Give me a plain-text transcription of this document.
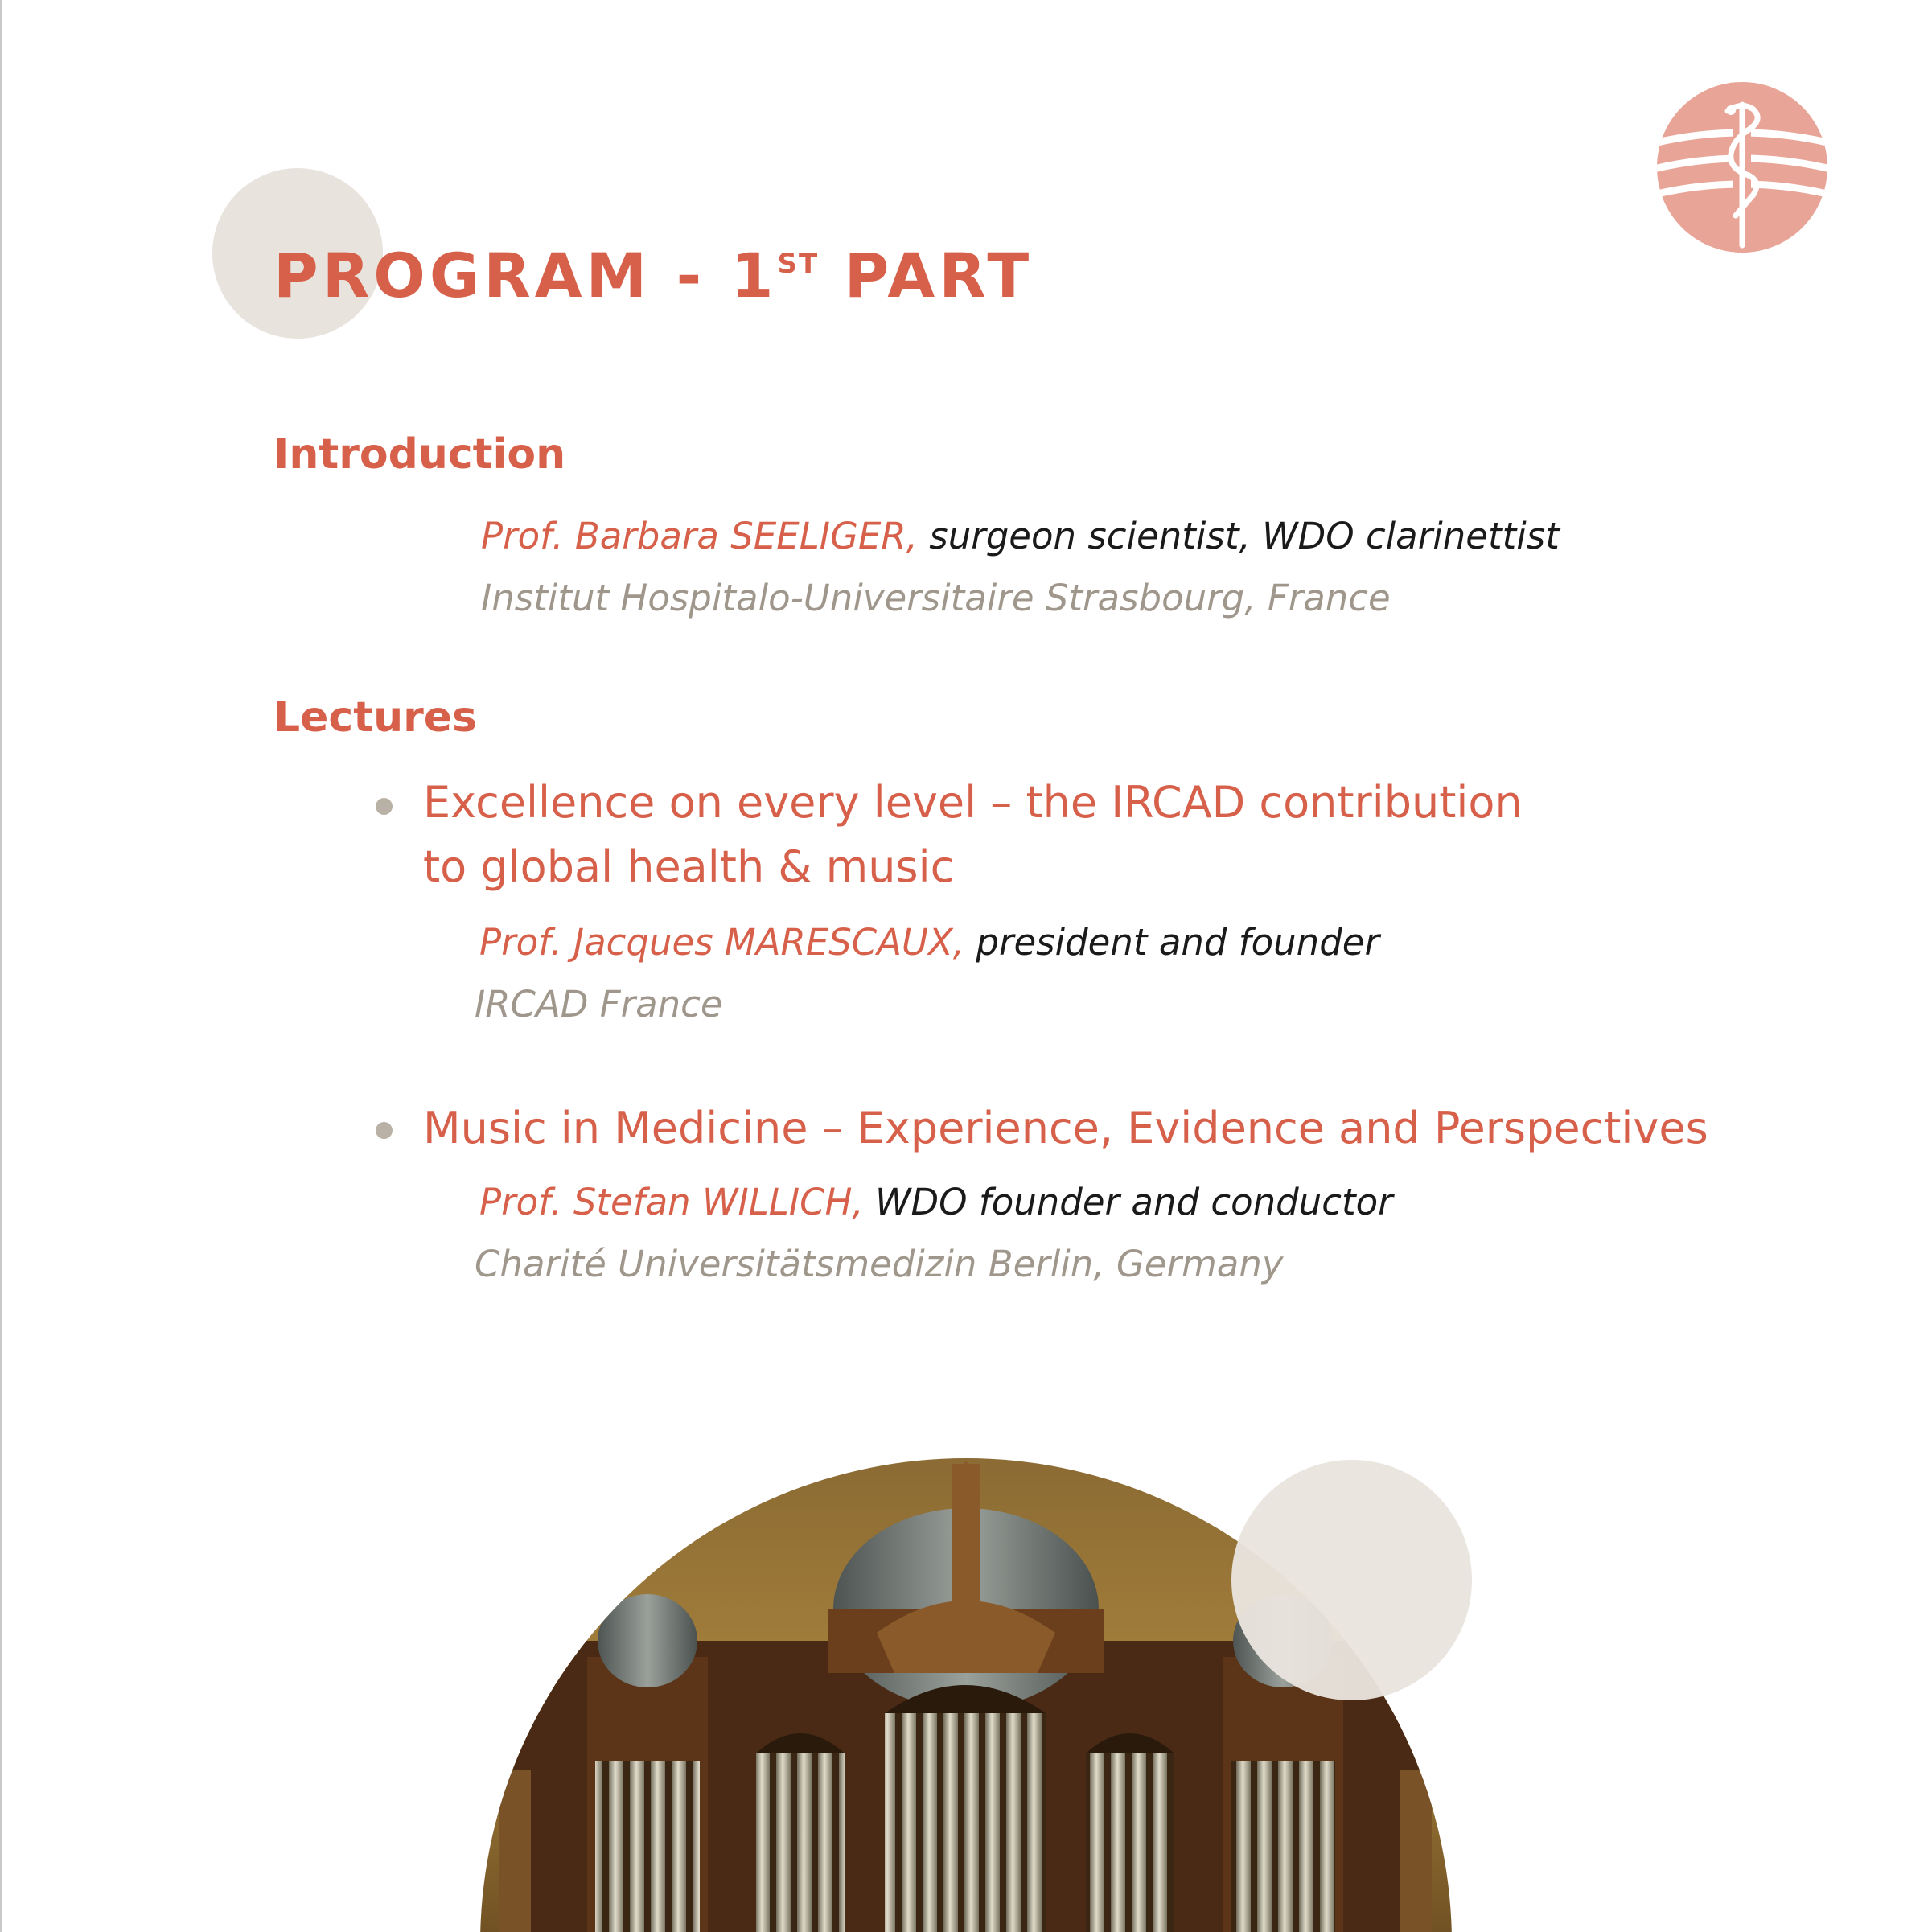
PROGRAM - 1ST PART
Introduction

Prof. Barbara SEELIGER, surgeon scientist, WDO clarinettist

Institut Hospitalo-Universitaire Strasbourg, France

Lectures

Excellence on every level – the IRCAD contribution
to global health & music

Prof. Jacques MARESCAUX, president and founder

IRCAD France

Music in Medicine – Experience, Evidence and Perspectives

Prof. Stefan WILLICH, WDO founder and conductor

Charité Universitätsmedizin Berlin, Germany
